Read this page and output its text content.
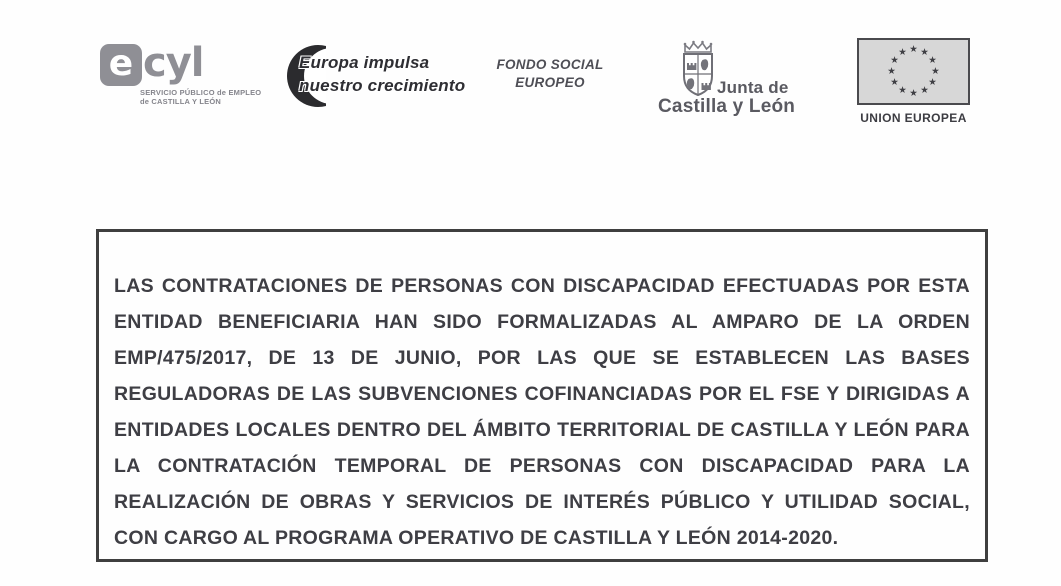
e cyl
SERVICIO PÚBLICO de EMPLEO
de CASTILLA Y LEÓN
Europa impulsa
nuestro crecimiento
FONDO SOCIAL
EUROPEO	Junta de
Castilla y León
★ ★
★
★
★
★
★
★
★
★
★
★
UNION EUROPEA
LAS CONTRATACIONES DE PERSONAS CON DISCAPACIDAD EFECTUADAS POR ESTA
ENTIDAD BENEFICIARIA HAN SIDO FORMALIZADAS AL AMPARO DE LA ORDEN
EMP/475/2017, DE 13 DE JUNIO, POR LAS QUE SE ESTABLECEN LAS BASES
REGULADORAS DE LAS SUBVENCIONES COFINANCIADAS POR EL FSE Y DIRIGIDAS A
ENTIDADES LOCALES DENTRO DEL ÁMBITO TERRITORIAL DE CASTILLA Y LEÓN PARA
LA CONTRATACIÓN TEMPORAL DE PERSONAS CON DISCAPACIDAD PARA LA
REALIZACIÓN DE OBRAS Y SERVICIOS DE INTERÉS PÚBLICO Y UTILIDAD SOCIAL,
CON CARGO AL PROGRAMA OPERATIVO DE CASTILLA Y LEÓN 2014-2020.
